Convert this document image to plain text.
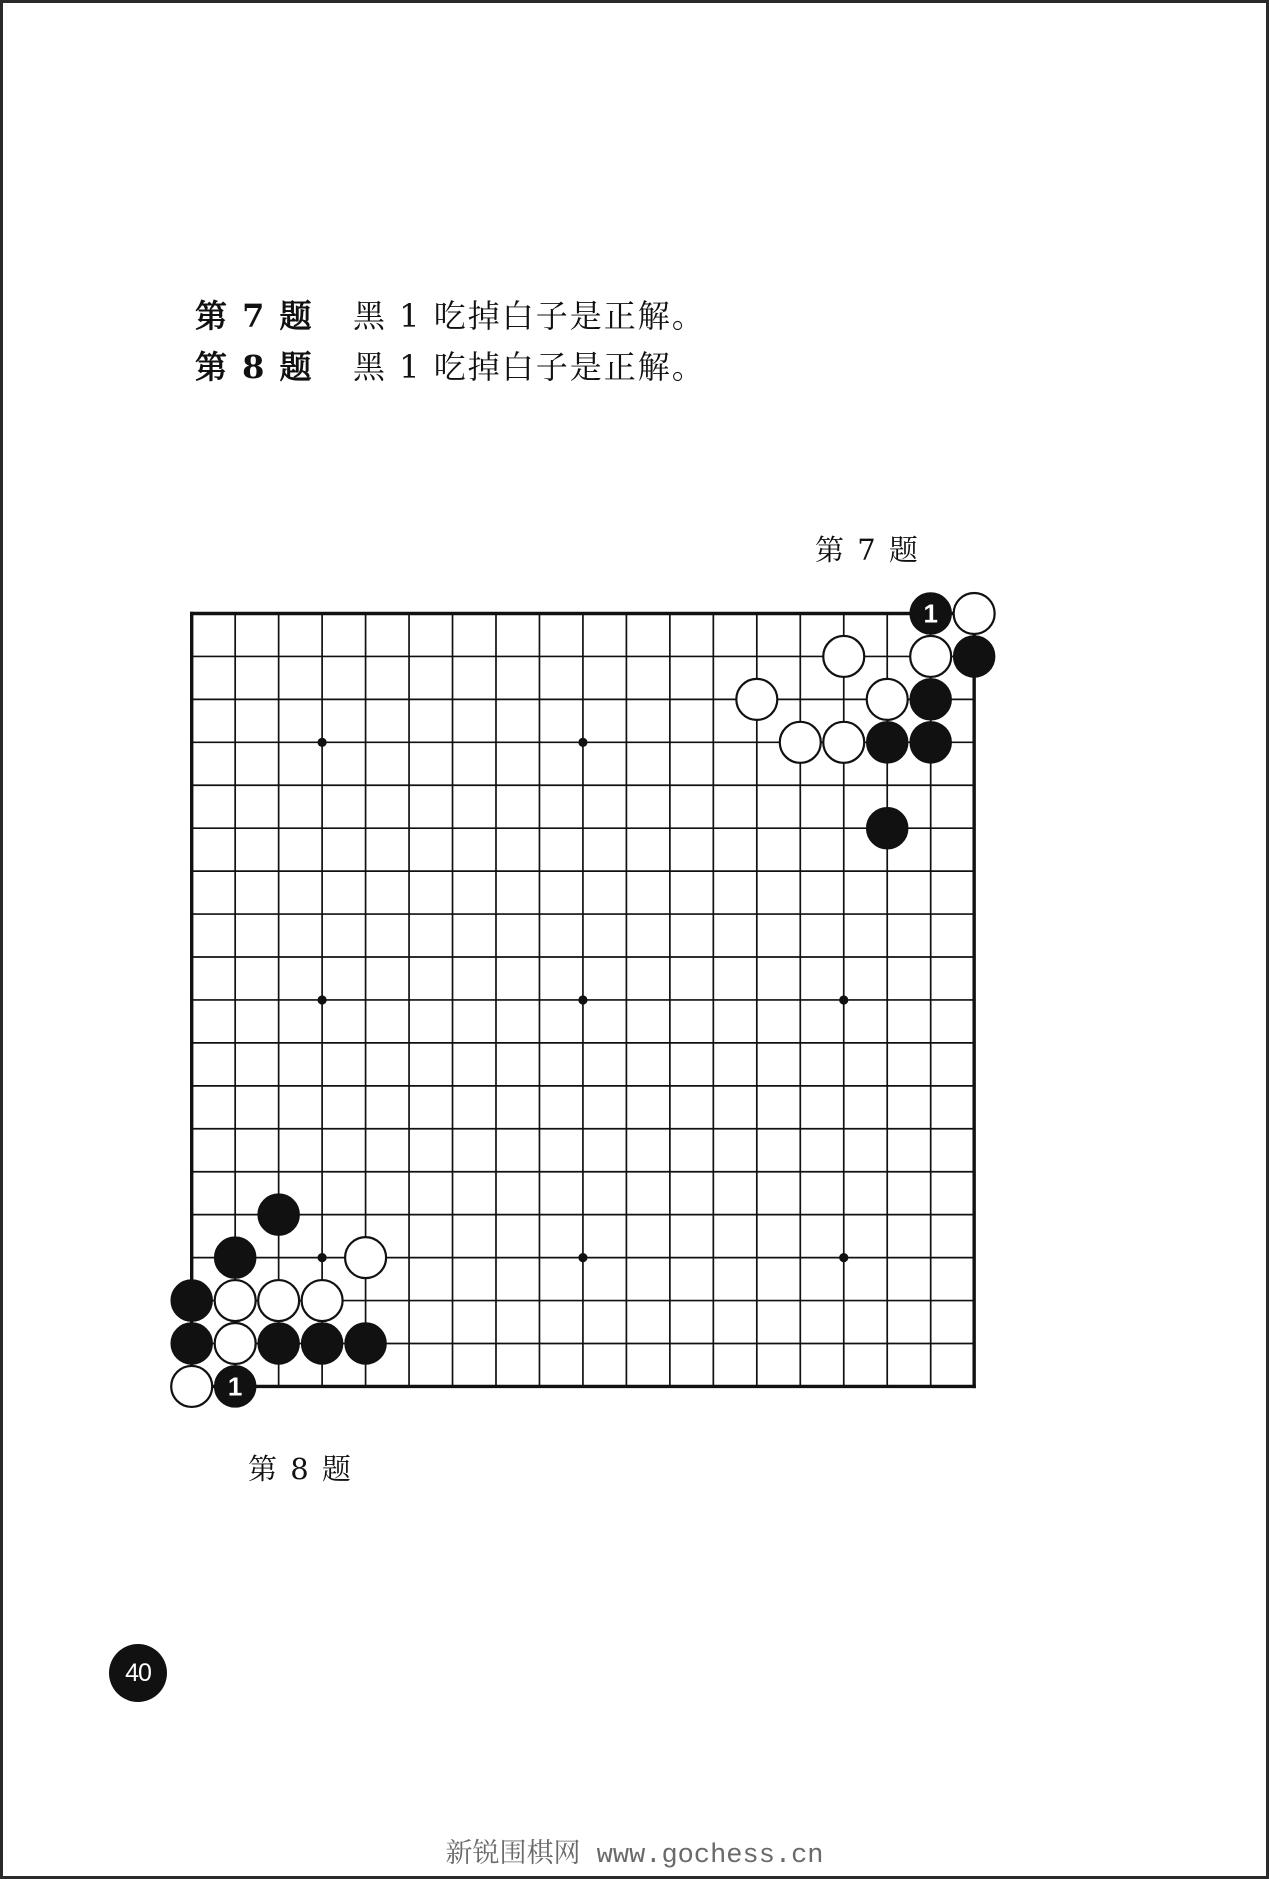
第 7 题 黑 1 吃掉白子是正解。
第 8 题 黑 1 吃掉白子是正解。
第 7 题
1
1
第 8 题
40
新锐围棋网 www.gochess.cn
